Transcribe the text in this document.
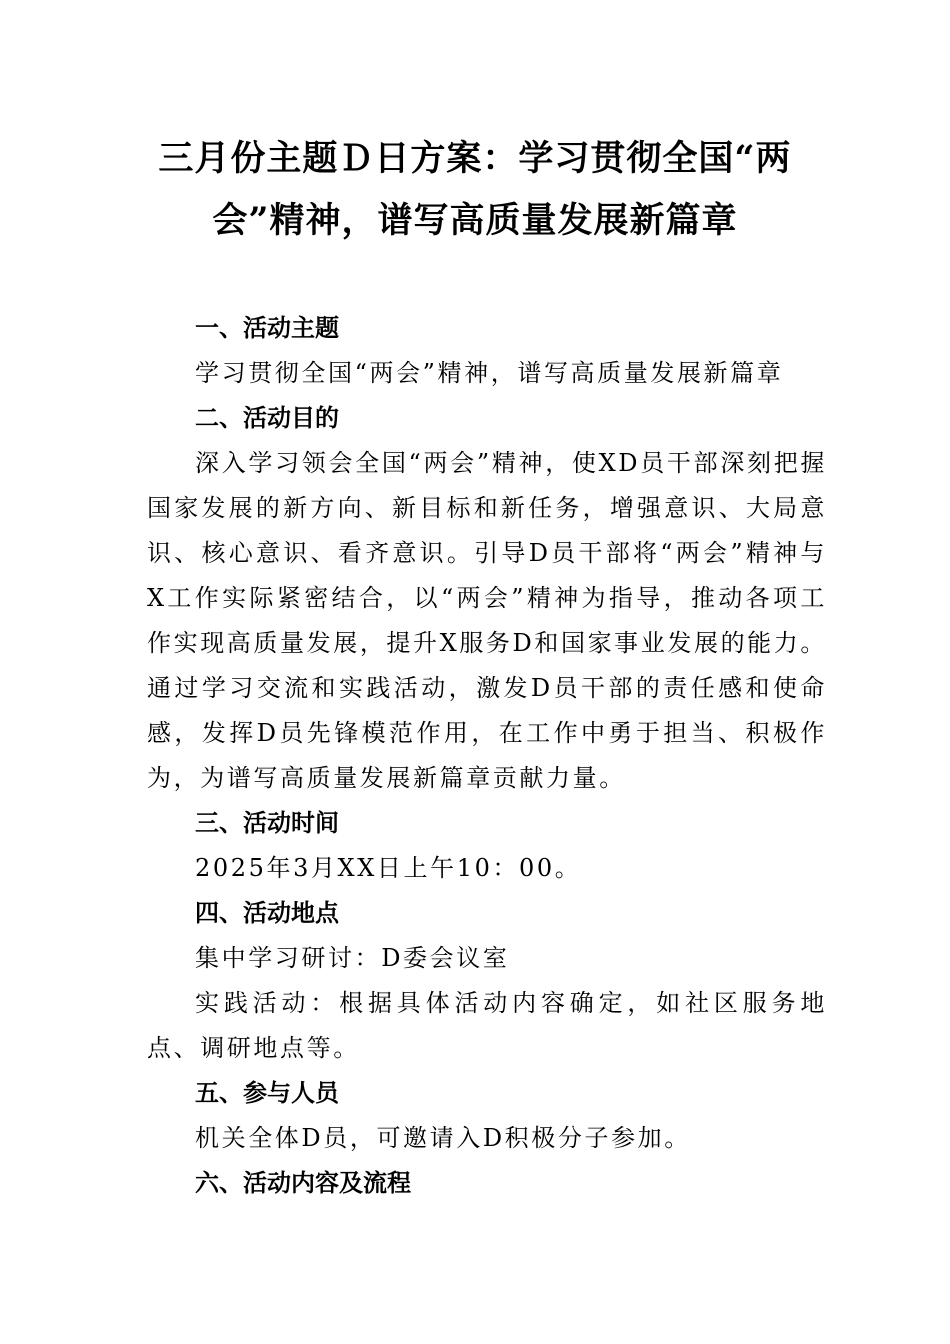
三月份主题Ｄ日方案：学习贯彻全国“两
会”精神，谱写高质量发展新篇章

一、活动主题

学习贯彻全国“两会”精神，谱写高质量发展新篇章

二、活动目的

深入学习领会全国“两会”精神，使XD员干部深刻把握国家发展的新方向、新目标和新任务，增强意识、大局意识、核心意识、看齐意识。引导D员干部将“两会”精神与X工作实际紧密结合，以“两会”精神为指导，推动各项工作实现高质量发展，提升X服务D和国家事业发展的能力。通过学习交流和实践活动，激发D员干部的责任感和使命感，发挥D员先锋模范作用，在工作中勇于担当、积极作为，为谱写高质量发展新篇章贡献力量。

三、活动时间

2025年3月XX日上午10：00。

四、活动地点

集中学习研讨：D委会议室

实践活动：根据具体活动内容确定，如社区服务地点、调研地点等。

五、参与人员

机关全体D员，可邀请入D积极分子参加。

六、活动内容及流程
